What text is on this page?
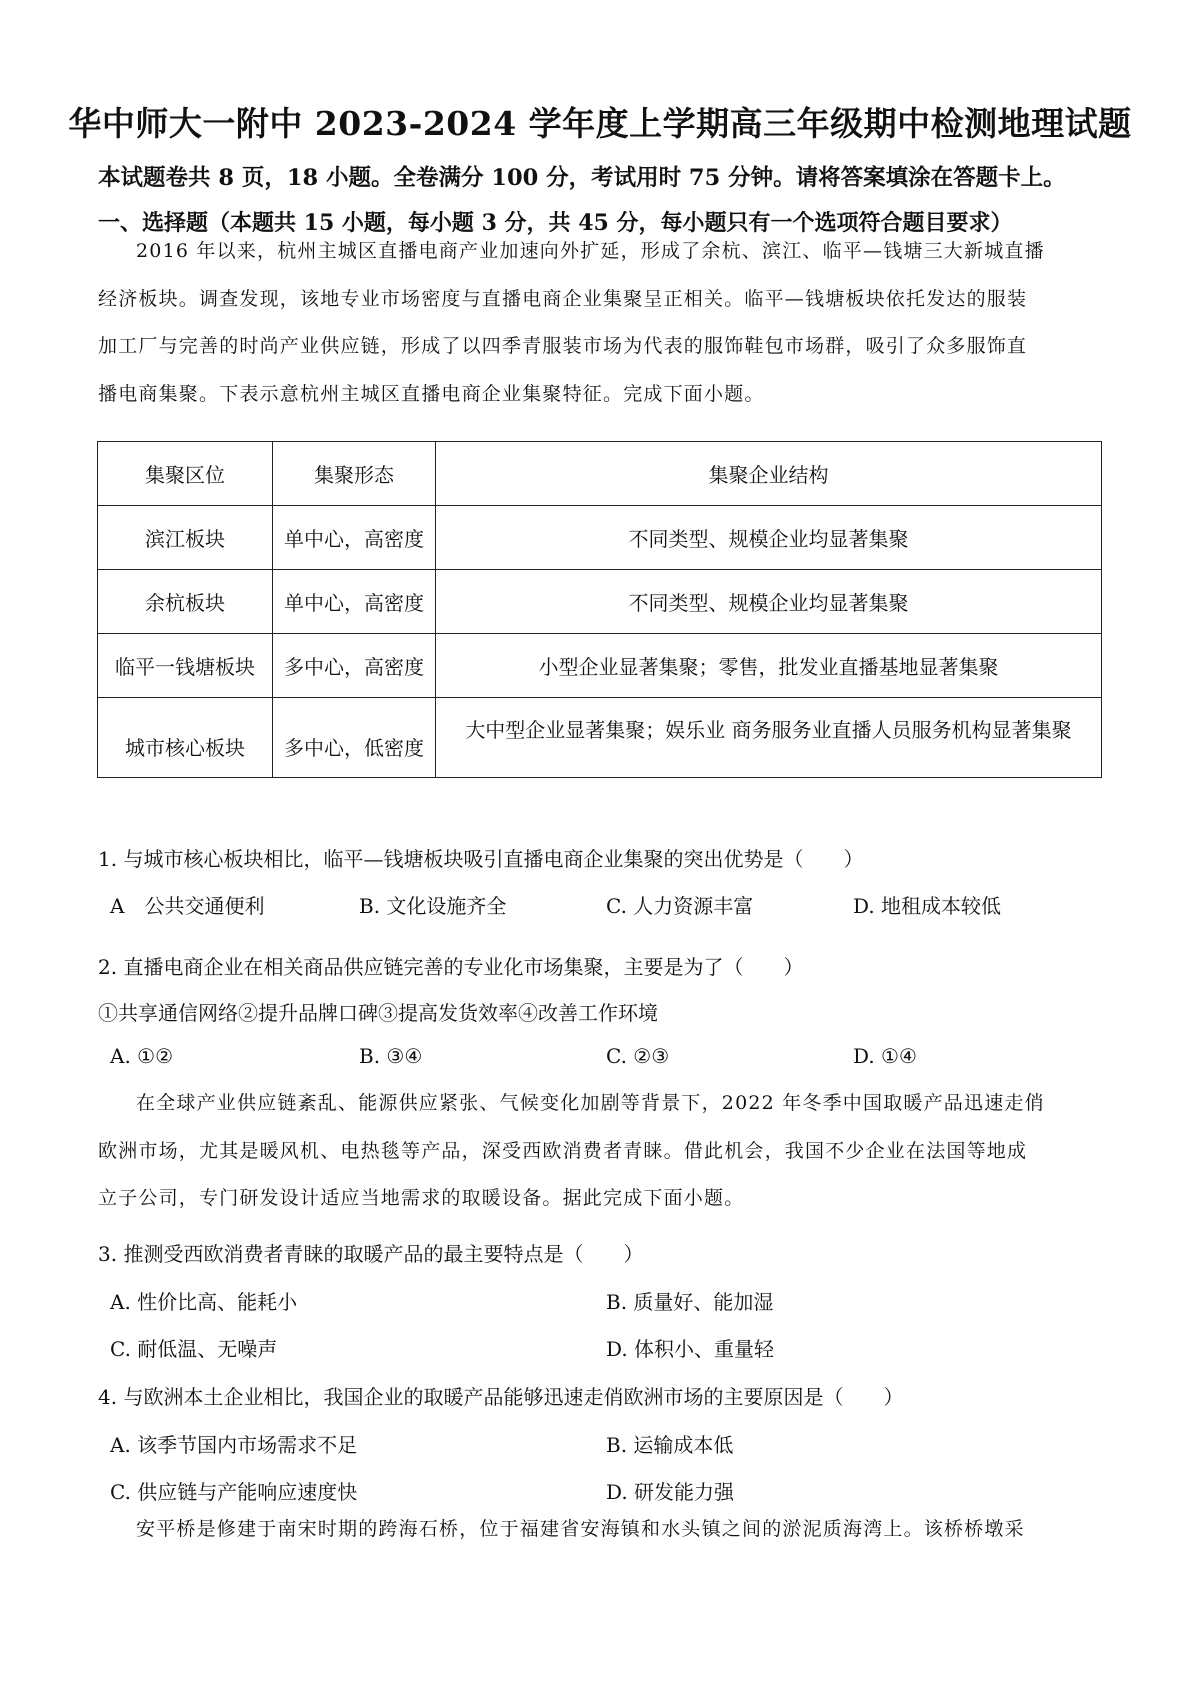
华中师大一附中 2023-2024 学年度上学期高三年级期中检测地理试题
本试题卷共 8 页，18 小题。全卷满分 100 分，考试用时 75 分钟。请将答案填涂在答题卡上。
一、选择题（本题共 15 小题，每小题 3 分，共 45 分，每小题只有一个选项符合题目要求）
2016 年以来，杭州主城区直播电商产业加速向外扩延，形成了余杭、滨江、临平—钱塘三大新城直播
经济板块。调查发现，该地专业市场密度与直播电商企业集聚呈正相关。临平—钱塘板块依托发达的服装
加工厂与完善的时尚产业供应链，形成了以四季青服装市场为代表的服饰鞋包市场群，吸引了众多服饰直
播电商集聚。下表示意杭州主城区直播电商企业集聚特征。完成下面小题。
集聚区位	集聚形态	集聚企业结构
滨江板块	单中心，高密度	不同类型、规模企业均显著集聚
余杭板块	单中心，高密度	不同类型、规模企业均显著集聚
临平一钱塘板块	多中心，高密度	小型企业显著集聚；零售，批发业直播基地显著集聚
城市核心板块	多中心，低密度	大中型企业显著集聚；娱乐业 商务服务业直播人员服务机构显著集聚
1. 与城市核心板块相比，临平—钱塘板块吸引直播电商企业集聚的突出优势是（　　）
A　公共交通便利	B. 文化设施齐全	C. 人力资源丰富	D. 地租成本较低
2. 直播电商企业在相关商品供应链完善的专业化市场集聚，主要是为了（　　）
①共享通信网络②提升品牌口碑③提高发货效率④改善工作环境
A. ①②	B. ③④	C. ②③	D. ①④
在全球产业供应链紊乱、能源供应紧张、气候变化加剧等背景下，2022 年冬季中国取暖产品迅速走俏
欧洲市场，尤其是暖风机、电热毯等产品，深受西欧消费者青睐。借此机会，我国不少企业在法国等地成
立子公司，专门研发设计适应当地需求的取暖设备。据此完成下面小题。
3. 推测受西欧消费者青睐的取暖产品的最主要特点是（　　）
A. 性价比高、能耗小	B. 质量好、能加湿
C. 耐低温、无噪声	D. 体积小、重量轻
4. 与欧洲本土企业相比，我国企业的取暖产品能够迅速走俏欧洲市场的主要原因是（　　）
A. 该季节国内市场需求不足	B. 运输成本低
C. 供应链与产能响应速度快	D. 研发能力强
安平桥是修建于南宋时期的跨海石桥，位于福建省安海镇和水头镇之间的淤泥质海湾上。该桥桥墩采
